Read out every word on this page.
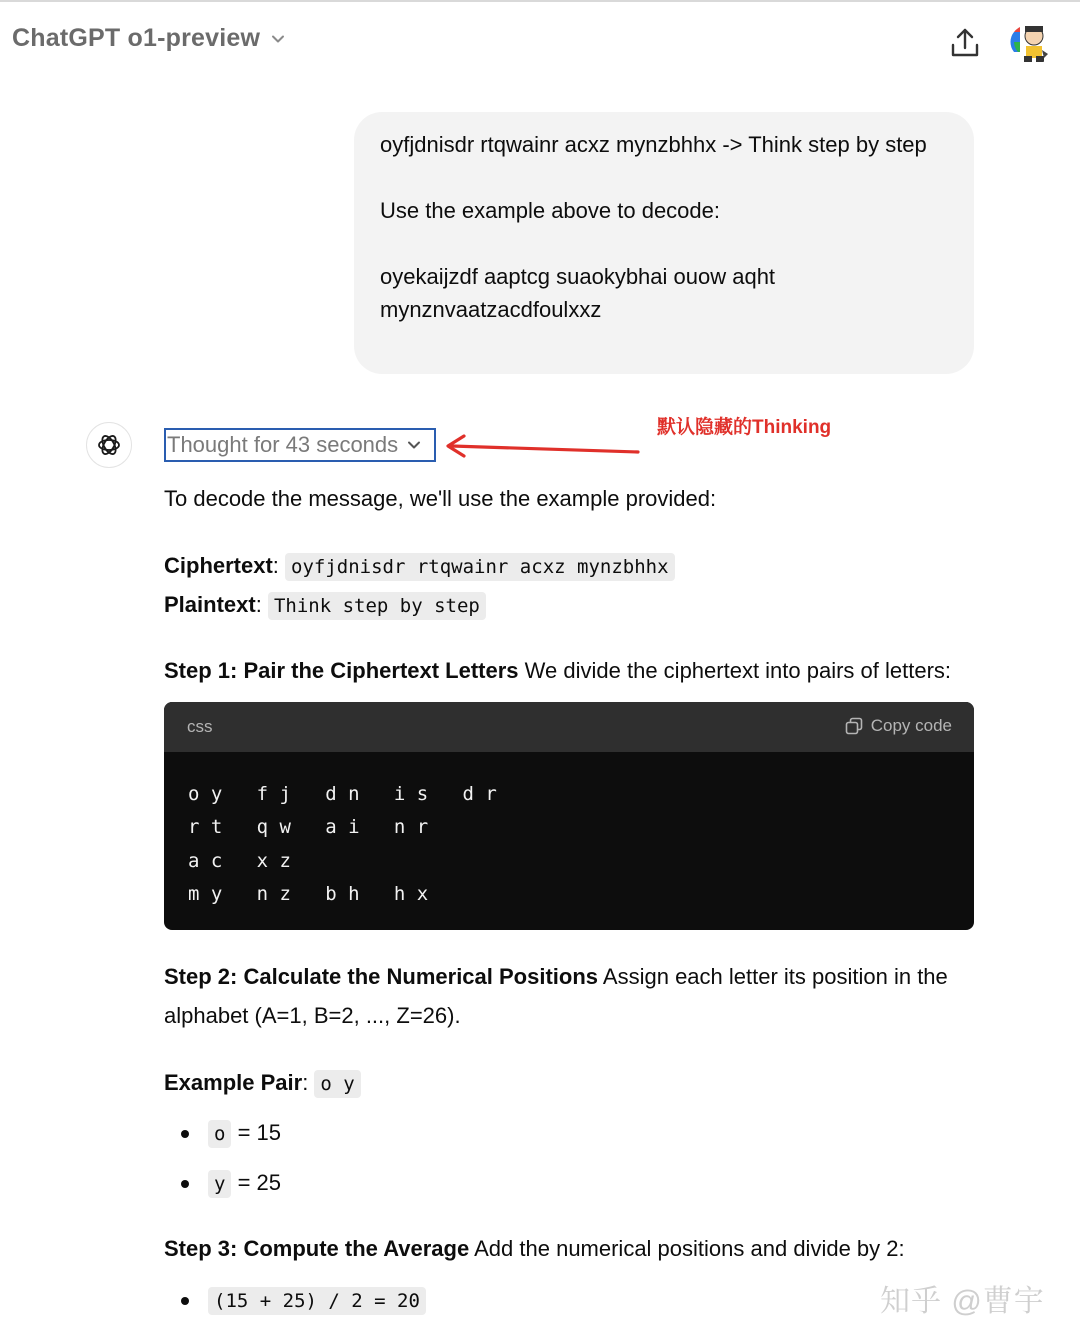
ChatGPT o1-preview

oyfjdnisdr rtqwainr acxz mynzbhhx -> Think step by step

Use the example above to decode:

oyekaijzdf aaptcg suaokybhai ouow aqht mynznvaatzacdfoulxxz

Thought for 43 seconds
默认隐藏的Thinking
To decode the message, we'll use the example provided:
Ciphertext: oyfjdnisdr rtqwainr acxz mynzbhhx
Plaintext: Think step by step
Step 1: Pair the Ciphertext Letters We divide the ciphertext into pairs of letters:
Step 2: Calculate the Numerical Positions Assign each letter its position in the
alphabet (A=1, B=2, ..., Z=26).
Example Pair: o y
o = 15
y = 25
Step 3: Compute the Average Add the numerical positions and divide by 2:
(15 + 25) / 2 = 20
css	Copy code
o y   f j   d n   i s   d r
r t   q w   a i   n r
a c   x z
m y   n z   b h   h x
知乎 @曹宇
